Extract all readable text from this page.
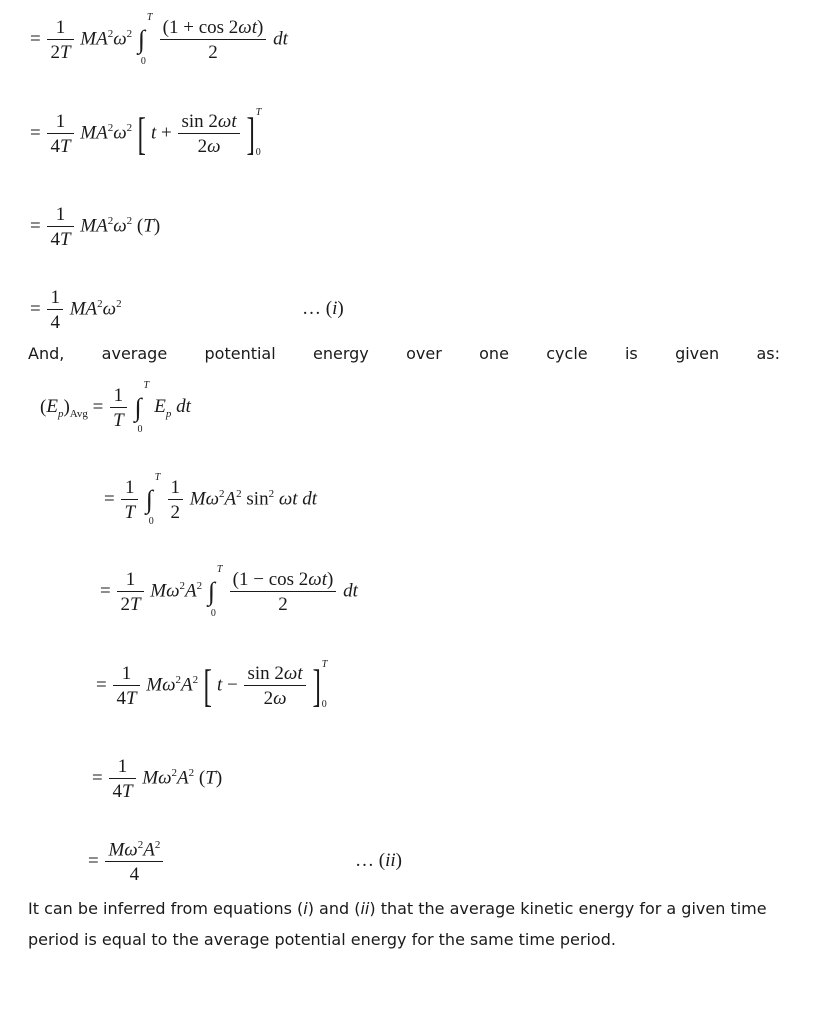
= $\frac{1}{2T} MA^2\omega^2$ ∫
T
0
$\frac{(1 + \cos 2\omega t)}{2}$ dt
= $\frac{1}{4T} MA^2\omega^2$ [ $t + \frac{\sin 2\omega t}{2\omega}$ ] T
0
= $\frac{1}{4T} MA^2\omega^2$ (T)
= $\frac{1}{4} MA^2\omega^2$	… (i)
And, average potential energy over one cycle is given as:
$(E_p)_{Avg} = \frac{1}{T}$ ∫
T
0
$E_p$ dt
= $\frac{1}{T}$ ∫
T
0
$\frac{1}{2} M\omega^2A^2$ $\sin^2 \omega t$ dt
= $\frac{1}{2T} M\omega^2A^2$ ∫
T
0
$\frac{(1 - \cos 2\omega t)}{2}$ dt
= $\frac{1}{4T} M\omega^2A^2$ [ $t - \frac{\sin 2\omega t}{2\omega}$ ] T
0
= $\frac{1}{4T} M\omega^2A^2$ (T)
= $\frac{M\omega^2A^2}{4}$	… (ii)
It can be inferred from equations (i) and (ii) that the average kinetic energy for a given time period is equal to the average potential energy for the same time period.
